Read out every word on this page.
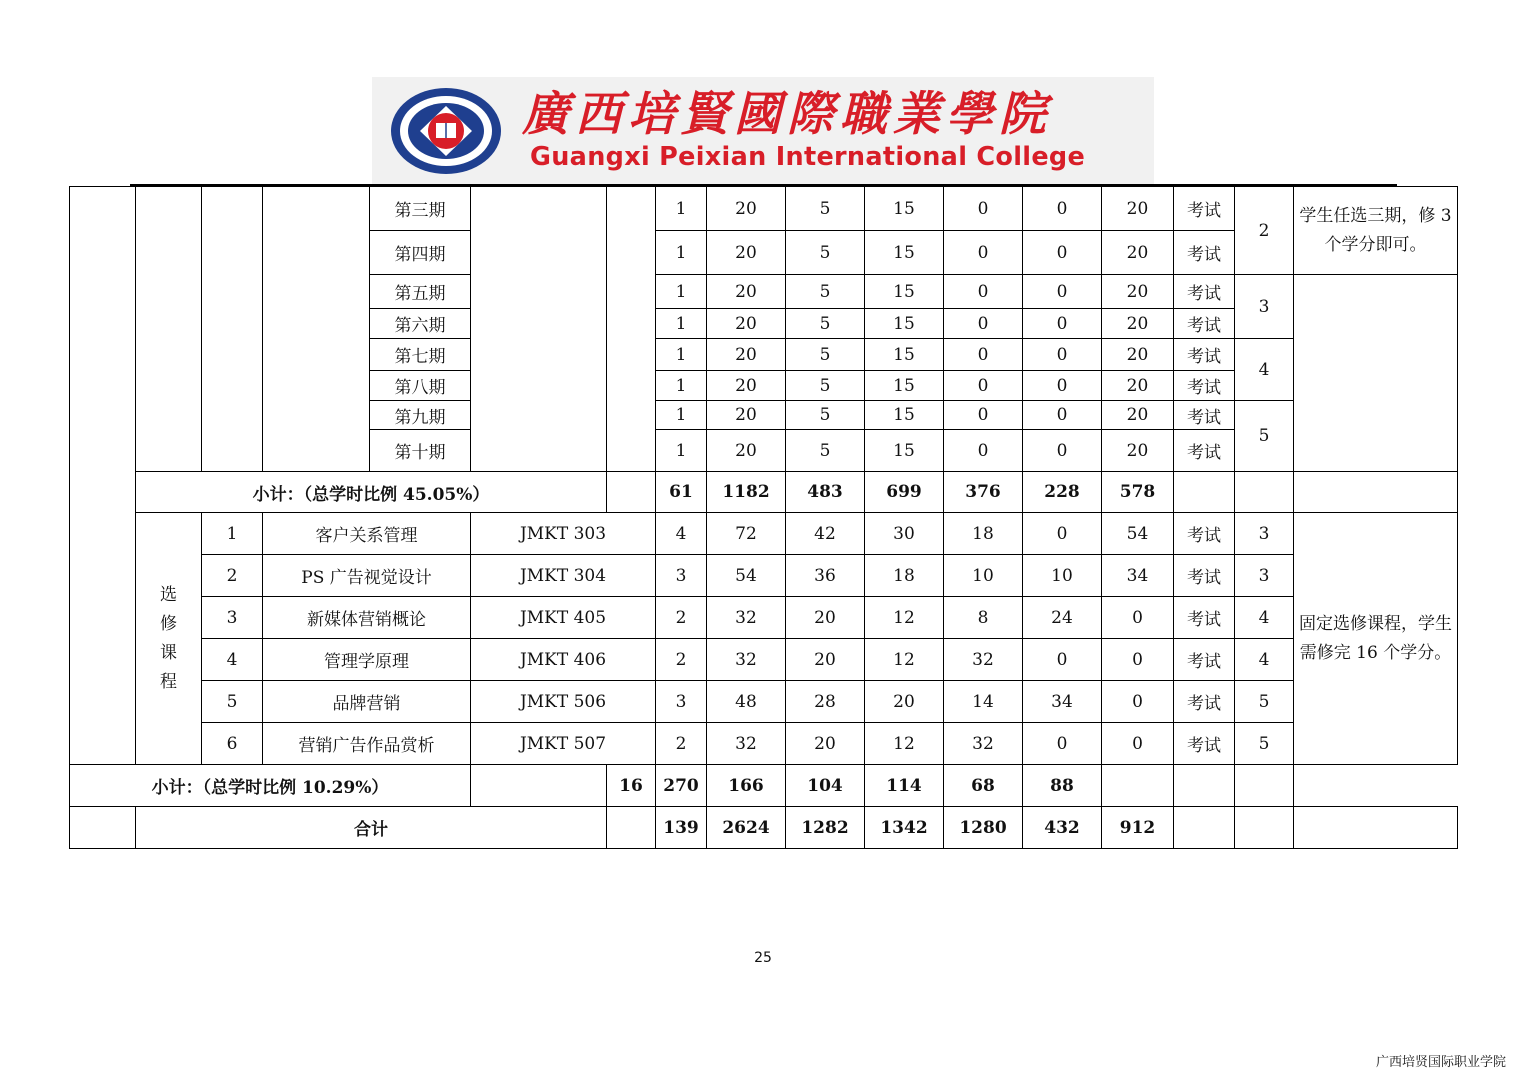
廣西培賢國際職業學院
Guangxi Peixian International College
				第三期			1	20	5	15	0	0	20	考试	2	学生任选三期，修 3 个学分即可。
				第四期			1	20	5	15	0	0	20	考试		
				第五期			1	20	5	15	0	0	20	考试	3	
				第六期			1	20	5	15	0	0	20	考试		
				第七期			1	20	5	15	0	0	20	考试	4	
				第八期			1	20	5	15	0	0	20	考试		
				第九期			1	20	5	15	0	0	20	考试	5	
				第十期			1	20	5	15	0	0	20	考试		
	小计：（总学时比例 45.05%）						61	1182	483	699	376	228	578			
	选修课程	1	客户关系管理		JMKT 303		4	72	42	30	18	0	54	考试	3	固定选修课程，学生需修完 16 个学分。
		2	PS 广告视觉设计		JMKT 304		3	54	36	18	10	10	34	考试	3	
		3	新媒体营销概论		JMKT 405		2	32	20	12	8	24	0	考试	4	
		4	管理学原理		JMKT 406		2	32	20	12	32	0	0	考试	4	
		5	品牌营销		JMKT 506		3	48	28	20	14	34	0	考试	5	
		6	营销广告作品赏析		JMKT 507		2	32	20	12	32	0	0	考试	5	
小计：（总学时比例 10.29%）						16	270	166	104	114	68	88				
	合计						139	2624	1282	1342	1280	432	912			
25
广西培贤国际职业学院
